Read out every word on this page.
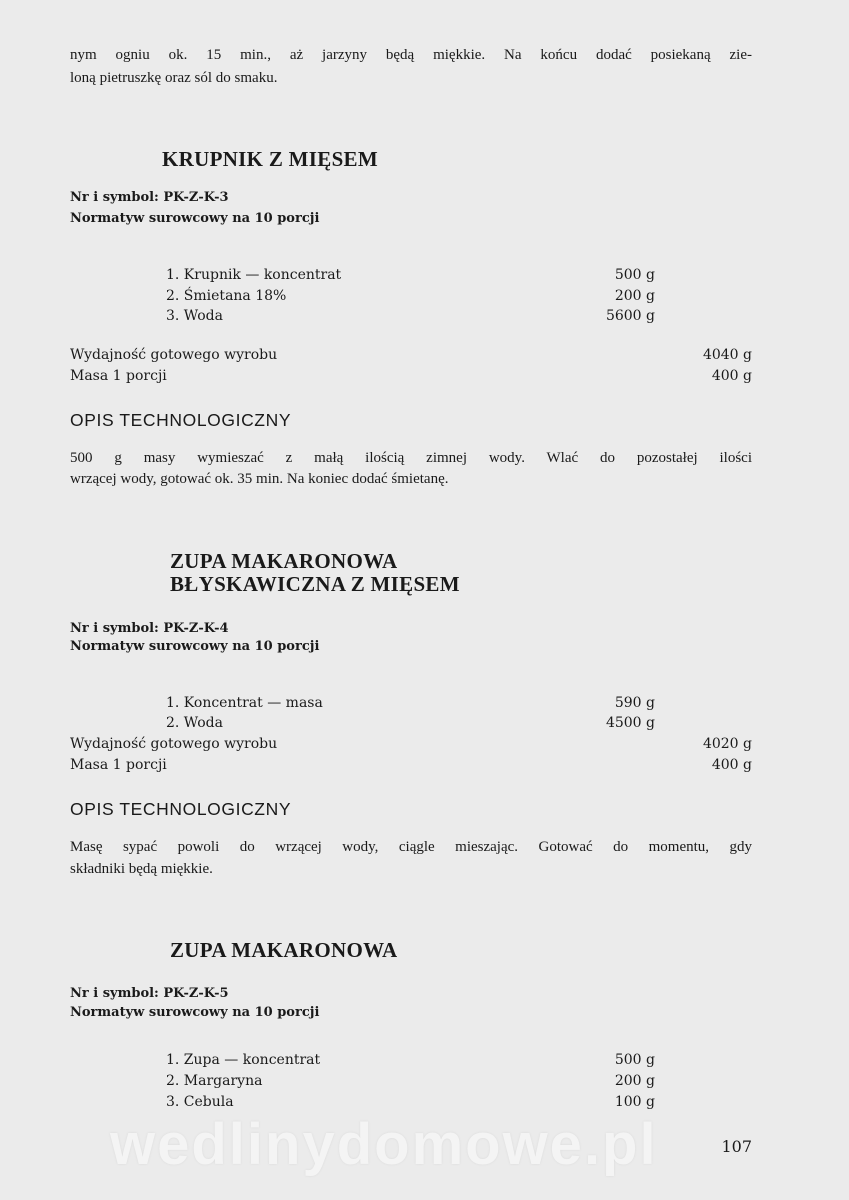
wedlinydomowe.pl
nym ogniu ok. 15 min., aż jarzyny będą miękkie. Na końcu dodać posiekaną zie-
loną pietruszkę oraz sól do smaku.
KRUPNIK Z MIĘSEM
Nr i symbol: PK-Z-K-3
Normatyw surowcowy na 10 porcji
1. Krupnik — koncentrat	500 g
2. Śmietana 18%	200 g
3. Woda	5600 g
Wydajność gotowego wyrobu	4040 g
Masa 1 porcji	400 g
OPIS TECHNOLOGICZNY
500 g masy wymieszać z małą ilością zimnej wody. Wlać do pozostałej ilości
wrzącej wody, gotować ok. 35 min. Na koniec dodać śmietanę.
ZUPA MAKARONOWA
BŁYSKAWICZNA Z MIĘSEM
Nr i symbol: PK-Z-K-4
Normatyw surowcowy na 10 porcji
1. Koncentrat — masa	590 g
2. Woda	4500 g
Wydajność gotowego wyrobu	4020 g
Masa 1 porcji	400 g
OPIS TECHNOLOGICZNY
Masę sypać powoli do wrzącej wody, ciągle mieszając. Gotować do momentu, gdy
składniki będą miękkie.
ZUPA MAKARONOWA
Nr i symbol: PK-Z-K-5
Normatyw surowcowy na 10 porcji
1. Zupa — koncentrat	500 g
2. Margaryna	200 g
3. Cebula	100 g
107
